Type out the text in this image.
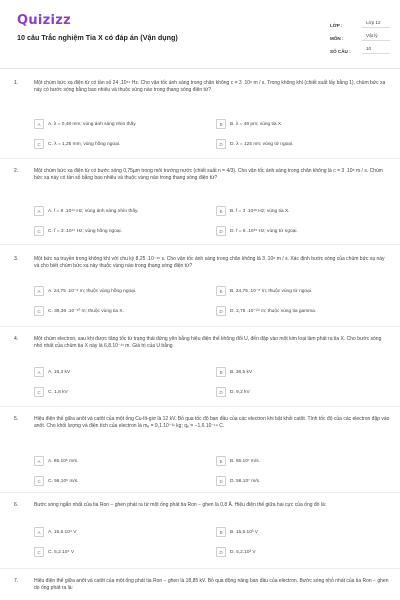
Quizizz
10 câu Trắc nghiệm Tia X có đáp án (Vận dụng)
LỚP :
Lớp 12
MÔN :
Vật lý
SỐ CÂU :
10
1.	Một chùm bức xạ điện từ có tần số 24 .10¹⁴ Hz. Cho vận tốc ánh sáng trong chân không c = 3 .10⁸ m / s. Trong không khí (chiết suất lấy bằng 1), chùm bức xạ này có bước sóng bằng bao nhiêu và thuộc vùng nào trong thang sóng điện từ?
A	A. λ = 0,48 mm; vùng ánh sáng nhìn thấy.	B	B. λ = 48 pm; vùng tia X.
C	C. λ = 1,25 mm; vùng hồng ngoại.	D	D. λ = 125 nm; vùng tử ngoại.
2.	Một chùm bức xạ điện từ có bước sóng 0,75µm trong môi trường nước (chiết suất n = 4/3). Cho vận tốc ánh sáng trong chân không là c = 3 .10⁸ m / s. Chùm bức xạ này có tần số bằng bao nhiêu và thuộc vùng nào trong thang sóng điện từ?
A	A. f = 6 .10¹⁴ Hz; vùng ánh sáng nhìn thấy.	B	B. f = 3 .10¹⁸ Hz; vùng tia X.
C	C. f = 3 .10¹⁴ Hz; vùng hồng ngoại.	D	D. f = 6 .10¹⁵ Hz; vùng tử ngoại.
3.	Một bức xạ truyền trong không khí với chu kỳ 8,25 .10⁻¹⁶ s. Cho vận tốc ánh sáng trong chân không là 3 .10⁸ m / s. Xác định bước sóng của chùm bức xạ này và cho biết chùm bức xạ này thuộc vùng nào trong thang sóng điện từ?
A	A. 24,75 .10⁻⁶ m; thuộc vùng hồng ngoại.	B	B. 24,75 .10⁻⁸ m; thuộc vùng tử ngoại.
C	C. 36,36 .10⁻¹⁰ m; thuộc vùng tia X.	D	D. 2,75 .10⁻²⁴ m; thuộc vùng tia gamma.
4.	Một chùm electron, sau khi được tăng tốc từ trạng thái đứng yên bằng hiệu điện thế không đổi U, đến đập vào một kim loại làm phát ra tia X. Cho bước sóng nhỏ nhất của chùm tia X này là 6,8.10⁻¹¹ m. Giá trị của U bằng
A	A. 18,3 kV	B	B. 36,5 kV
C	C. 1,8 kV	D	D. 9,2 kV
5.	Hiệu điện thế giữa anôt và catôt của một ống Cu-lít-giơ là 12 kV. Bỏ qua tốc độ ban đầu của các electron khi bật khỏi catôt. Tính tốc độ của các electron đập vào anôt. Cho khối lượng và điện tích của electron là mₑ = 9,1.10⁻³¹ kg; qₑ = −1,6.10⁻¹⁹ C.
A	A. 65.10⁶ m/s.	B	B. 65.10⁷ m/s.
C	C. 56.10⁶ m/s.	D	D. 56.10⁷ m/s.
6.	Bước sóng ngắn nhất của tia Ron − ghen phát ra từ một ống phát tia Ron − ghen là 0,8 Å. Hiệu điện thế giữa hai cực của ống đó là:
A	A. 15,5.10⁴ V	B	B. 15,5.10³ V
C	C. 5,2.10⁴ V	D	D. 5,2.10³ V
7.	Hiệu điện thế giữa anôt và catôt của một ống phát tia Ron − ghen là 18,85 kV. Bỏ qua động năng ban đầu của electron. Bước sóng nhỏ nhất của tia Ron − ghen do ống phát ra là:
